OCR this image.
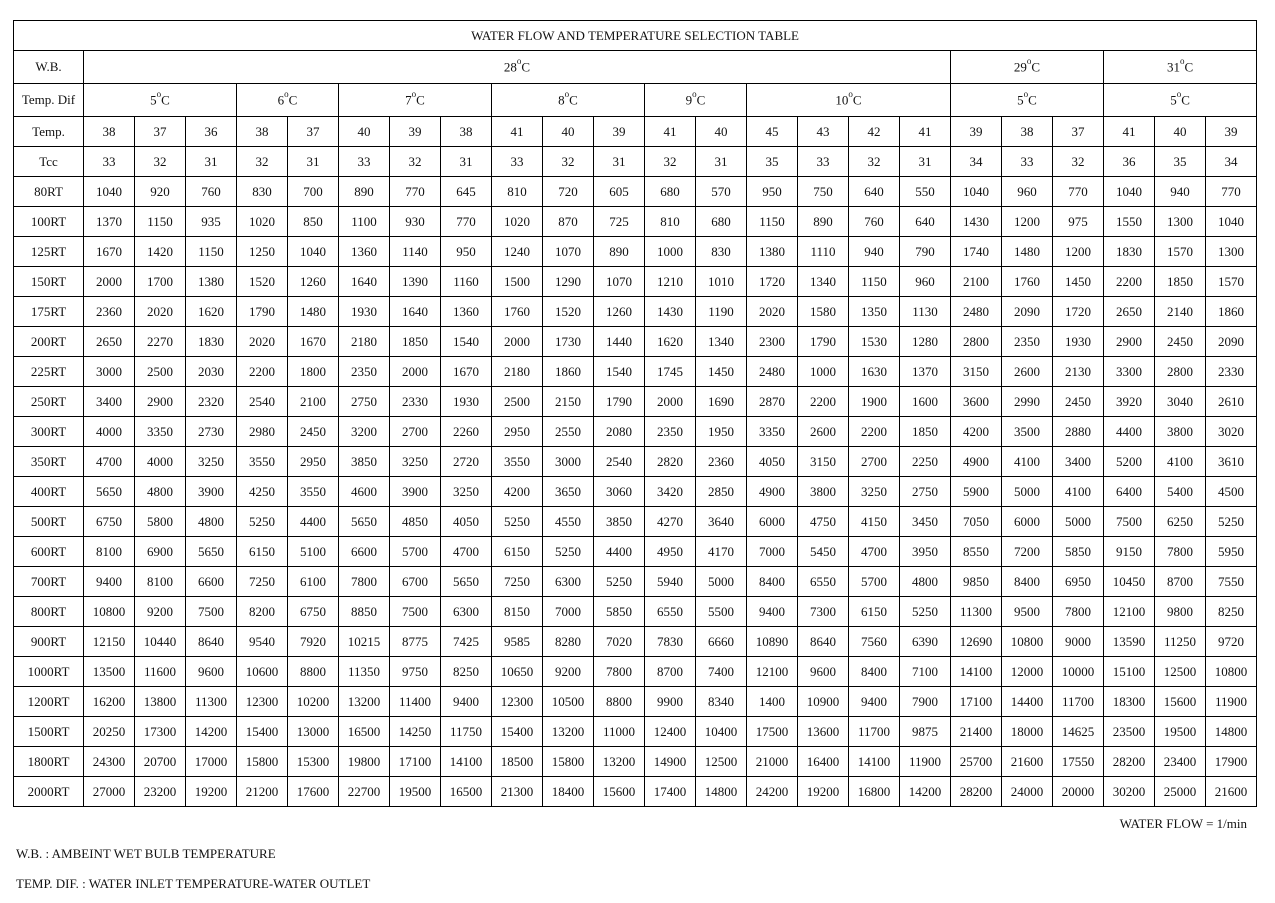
WATER FLOW AND TEMPERATURE SELECTION TABLE																							
W.B.	28$^o$C																	29$^o$C			31$^o$C		
Temp. Dif	5$^o$C			6$^o$C		7$^o$C			8$^o$C			9$^o$C		10$^o$C				5$^o$C			5$^o$C		
Temp.	38	37	36	38	37	40	39	38	41	40	39	41	40	45	43	42	41	39	38	37	41	40	39
Tcc	33	32	31	32	31	33	32	31	33	32	31	32	31	35	33	32	31	34	33	32	36	35	34
80RT	1040	920	760	830	700	890	770	645	810	720	605	680	570	950	750	640	550	1040	960	770	1040	940	770
100RT	1370	1150	935	1020	850	1100	930	770	1020	870	725	810	680	1150	890	760	640	1430	1200	975	1550	1300	1040
125RT	1670	1420	1150	1250	1040	1360	1140	950	1240	1070	890	1000	830	1380	1110	940	790	1740	1480	1200	1830	1570	1300
150RT	2000	1700	1380	1520	1260	1640	1390	1160	1500	1290	1070	1210	1010	1720	1340	1150	960	2100	1760	1450	2200	1850	1570
175RT	2360	2020	1620	1790	1480	1930	1640	1360	1760	1520	1260	1430	1190	2020	1580	1350	1130	2480	2090	1720	2650	2140	1860
200RT	2650	2270	1830	2020	1670	2180	1850	1540	2000	1730	1440	1620	1340	2300	1790	1530	1280	2800	2350	1930	2900	2450	2090
225RT	3000	2500	2030	2200	1800	2350	2000	1670	2180	1860	1540	1745	1450	2480	1000	1630	1370	3150	2600	2130	3300	2800	2330
250RT	3400	2900	2320	2540	2100	2750	2330	1930	2500	2150	1790	2000	1690	2870	2200	1900	1600	3600	2990	2450	3920	3040	2610
300RT	4000	3350	2730	2980	2450	3200	2700	2260	2950	2550	2080	2350	1950	3350	2600	2200	1850	4200	3500	2880	4400	3800	3020
350RT	4700	4000	3250	3550	2950	3850	3250	2720	3550	3000	2540	2820	2360	4050	3150	2700	2250	4900	4100	3400	5200	4100	3610
400RT	5650	4800	3900	4250	3550	4600	3900	3250	4200	3650	3060	3420	2850	4900	3800	3250	2750	5900	5000	4100	6400	5400	4500
500RT	6750	5800	4800	5250	4400	5650	4850	4050	5250	4550	3850	4270	3640	6000	4750	4150	3450	7050	6000	5000	7500	6250	5250
600RT	8100	6900	5650	6150	5100	6600	5700	4700	6150	5250	4400	4950	4170	7000	5450	4700	3950	8550	7200	5850	9150	7800	5950
700RT	9400	8100	6600	7250	6100	7800	6700	5650	7250	6300	5250	5940	5000	8400	6550	5700	4800	9850	8400	6950	10450	8700	7550
800RT	10800	9200	7500	8200	6750	8850	7500	6300	8150	7000	5850	6550	5500	9400	7300	6150	5250	11300	9500	7800	12100	9800	8250
900RT	12150	10440	8640	9540	7920	10215	8775	7425	9585	8280	7020	7830	6660	10890	8640	7560	6390	12690	10800	9000	13590	11250	9720
1000RT	13500	11600	9600	10600	8800	11350	9750	8250	10650	9200	7800	8700	7400	12100	9600	8400	7100	14100	12000	10000	15100	12500	10800
1200RT	16200	13800	11300	12300	10200	13200	11400	9400	12300	10500	8800	9900	8340	1400	10900	9400	7900	17100	14400	11700	18300	15600	11900
1500RT	20250	17300	14200	15400	13000	16500	14250	11750	15400	13200	11000	12400	10400	17500	13600	11700	9875	21400	18000	14625	23500	19500	14800
1800RT	24300	20700	17000	15800	15300	19800	17100	14100	18500	15800	13200	14900	12500	21000	16400	14100	11900	25700	21600	17550	28200	23400	17900
2000RT	27000	23200	19200	21200	17600	22700	19500	16500	21300	18400	15600	17400	14800	24200	19200	16800	14200	28200	24000	20000	30200	25000	21600
WATER FLOW = 1/min
W.B. : AMBEINT WET BULB TEMPERATURE
TEMP. DIF. : WATER INLET TEMPERATURE-WATER OUTLET
